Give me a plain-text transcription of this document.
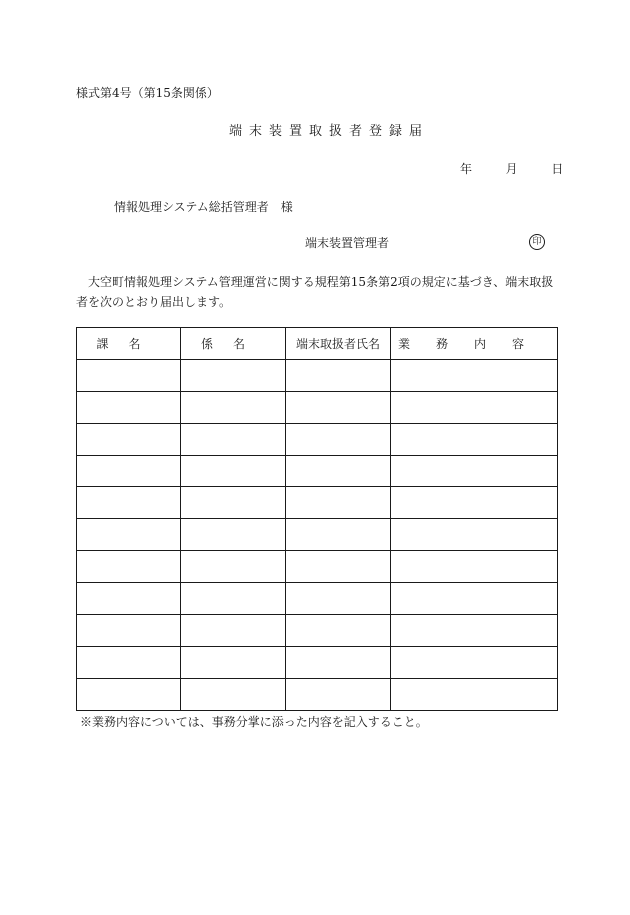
様式第4号（第15条関係）
端末装置取扱者登録届
年	月	日
情報処理システム総括管理者　様
端末装置管理者	印
大空町情報処理システム管理運営に関する規程第15条第2項の規定に基づき、端末取扱者を次のとおり届出します。
課名	係名	端末取扱者氏名	業務内容

※業務内容については、事務分掌に添った内容を記入すること。
